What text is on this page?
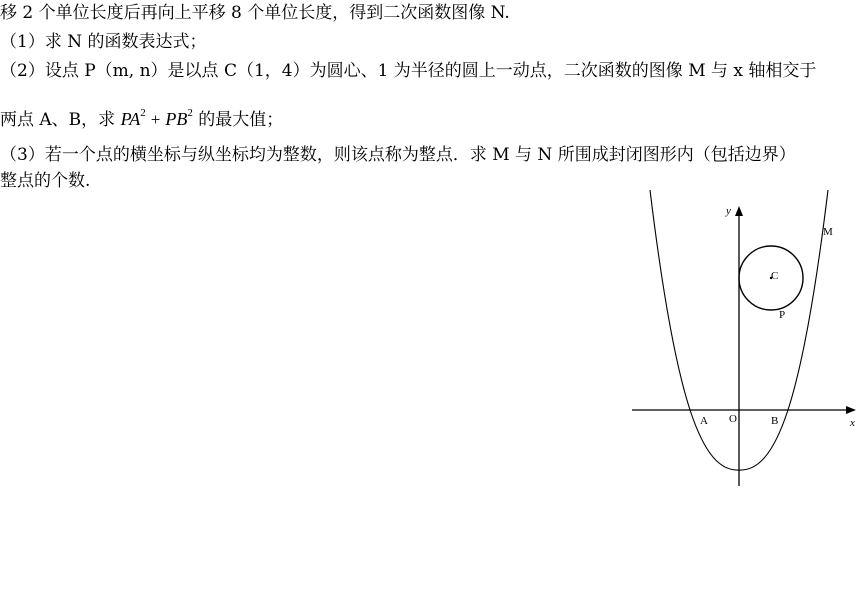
移 2 个单位长度后再向上平移 8 个单位长度，得到二次函数图像 N.
（1）求 N 的函数表达式；
（2）设点 P（m, n）是以点 C（1，4）为圆心、1 为半径的圆上一动点，二次函数的图像 M 与 x 轴相交于
两点 A、B，求 $PA^2 + PB^2$ 的最大值；
（3）若一个点的横坐标与纵坐标均为整数，则该点称为整点．求 M 与 N 所围成封闭图形内（包括边界）
整点的个数.
y
x
M
C
P
A O	B
